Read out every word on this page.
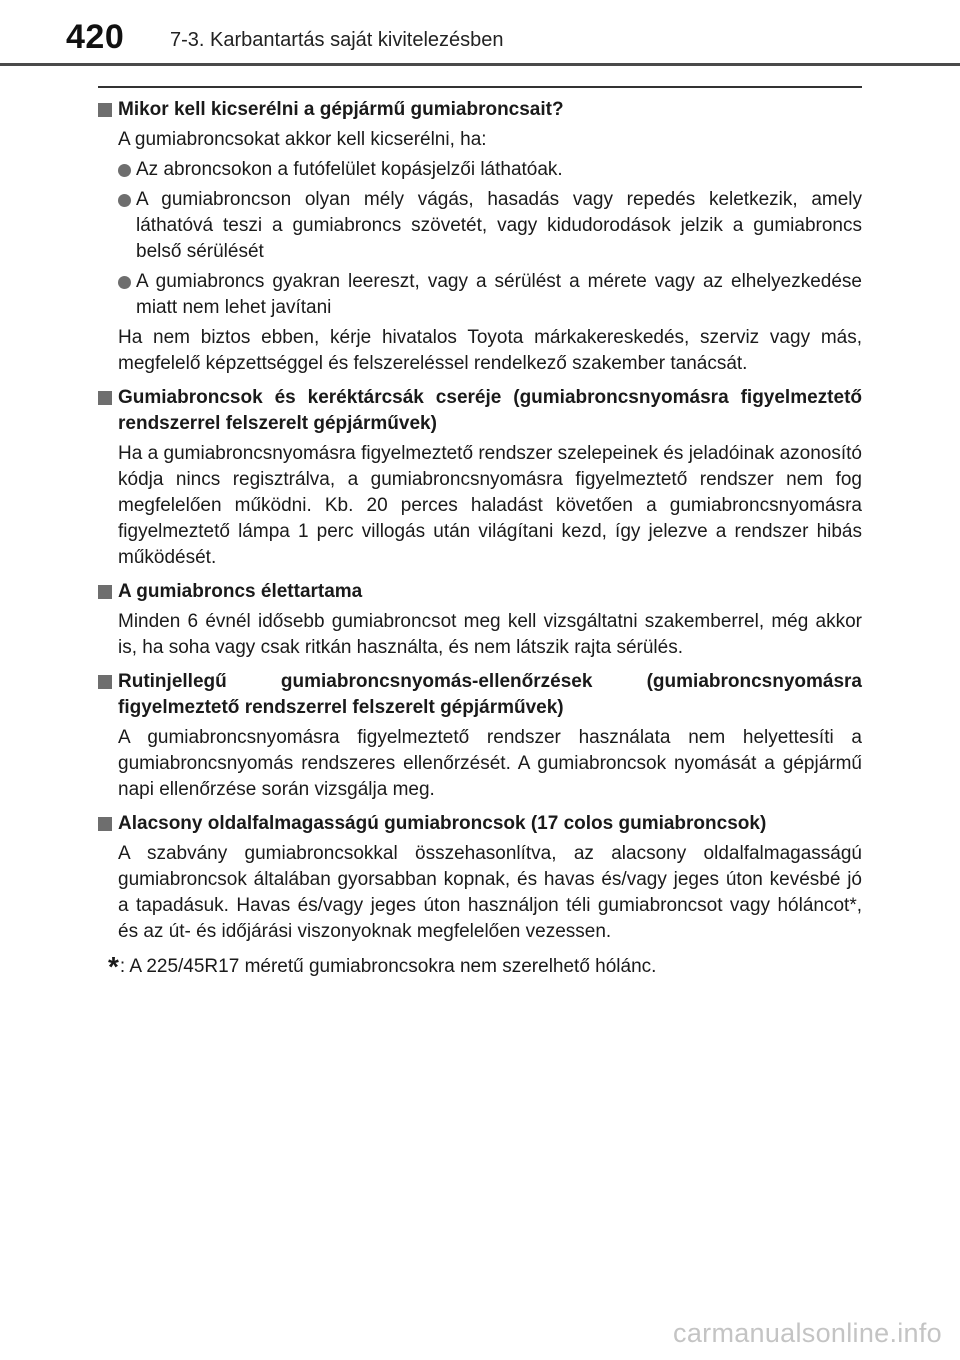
420 7-3. Karbantartás saját kivitelezésben
Mikor kell kicserélni a gépjármű gumiabroncsait?
A gumiabroncsokat akkor kell kicserélni, ha:
Az abroncsokon a futófelület kopásjelzői láthatóak.
A gumiabroncson olyan mély vágás, hasadás vagy repedés keletkezik, amely láthatóvá teszi a gumiabroncs szövetét, vagy kidudorodások jelzik a gumiabroncs belső sérülését
A gumiabroncs gyakran leereszt, vagy a sérülést a mérete vagy az elhelyezkedése miatt nem lehet javítani
Ha nem biztos ebben, kérje hivatalos Toyota márkakereskedés, szerviz vagy más, megfelelő képzettséggel és felszereléssel rendelkező szakember tanácsát.
Gumiabroncsok és keréktárcsák cseréje (gumiabroncsnyomásra figyelmeztető rendszerrel felszerelt gépjárművek)
Ha a gumiabroncsnyomásra figyelmeztető rendszer szelepeinek és jeladóinak azonosító kódja nincs regisztrálva, a gumiabroncsnyomásra figyelmeztető rendszer nem fog megfelelően működni. Kb. 20 perces haladást követően a gumiabroncsnyomásra figyelmeztető lámpa 1 perc villogás után világítani kezd, így jelezve a rendszer hibás működését.
A gumiabroncs élettartama
Minden 6 évnél idősebb gumiabroncsot meg kell vizsgáltatni szakemberrel, még akkor is, ha soha vagy csak ritkán használta, és nem látszik rajta sérülés.
Rutinjellegű gumiabroncsnyomás-ellenőrzések (gumiabroncsnyomásra figyelmeztető rendszerrel felszerelt gépjárművek)
A gumiabroncsnyomásra figyelmeztető rendszer használata nem helyettesíti a gumiabroncsnyomás rendszeres ellenőrzését. A gumiabroncsok nyomását a gépjármű napi ellenőrzése során vizsgálja meg.
Alacsony oldalfalmagasságú gumiabroncsok (17 colos gumiabroncsok)
A szabvány gumiabroncsokkal összehasonlítva, az alacsony oldalfalmagasságú gumiabroncsok általában gyorsabban kopnak, és havas és/vagy jeges úton kevésbé jó a tapadásuk. Havas és/vagy jeges úton használjon téli gumiabroncsot vagy hóláncot*, és az út- és időjárási viszonyoknak megfelelően vezessen.
* : A 225/45R17 méretű gumiabroncsokra nem szerelhető hólánc.
carmanualsonline.info
